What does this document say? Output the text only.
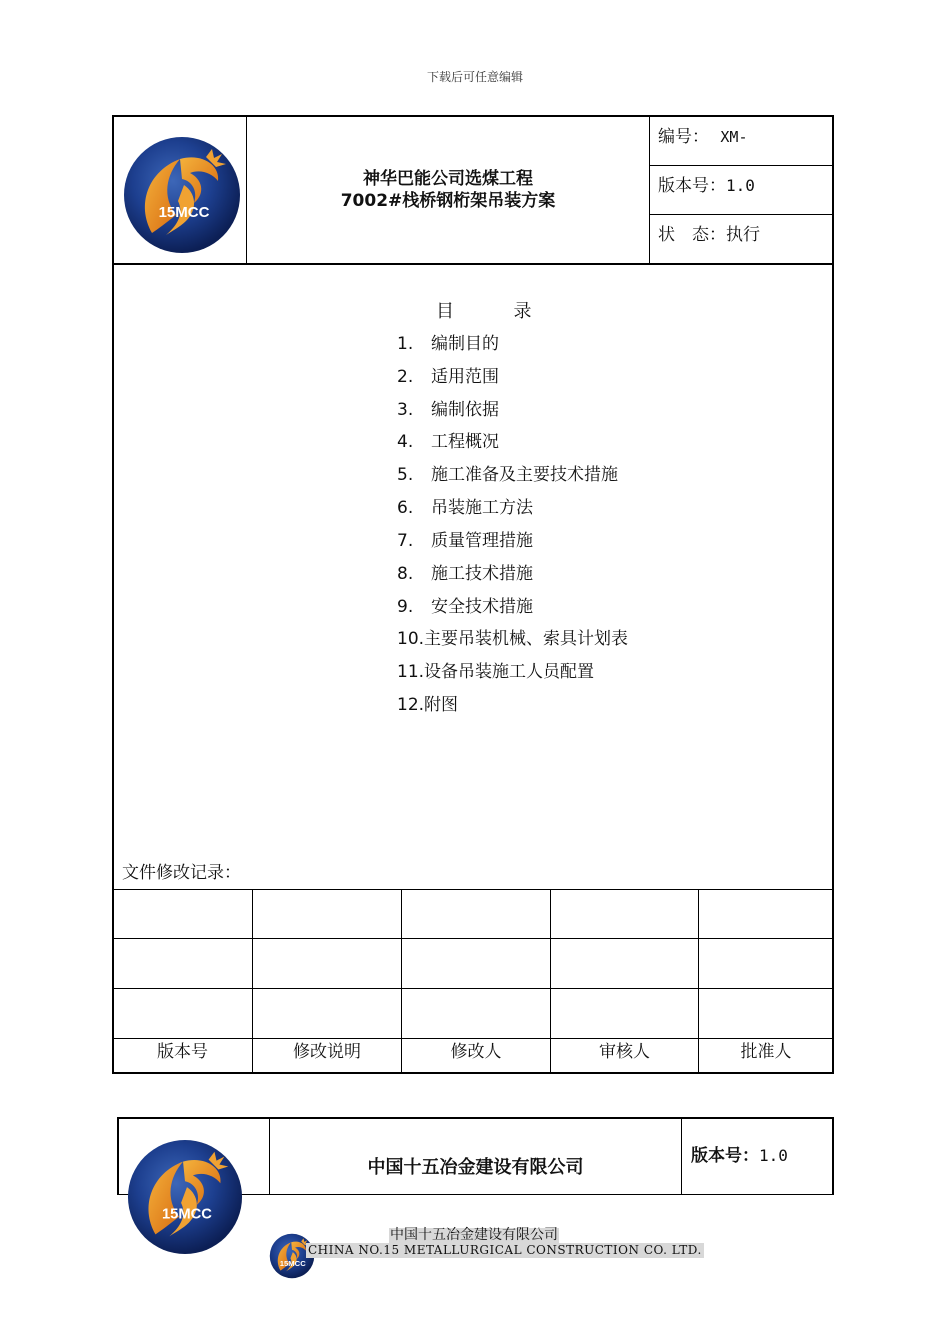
下载后可任意编辑
15MCC
神华巴能公司选煤工程
7002#栈桥钢桁架吊装方案
编号： XM-
版本号：1.0
状　态：执行
目	录
1. 编制目的
2. 适用范围
3. 编制依据
4. 工程概况
5. 施工准备及主要技术措施
6. 吊装施工方法
7. 质量管理措施
8. 施工技术措施
9. 安全技术措施
10.主要吊装机械、索具计划表
11.设备吊装施工人员配置
12.附图
文件修改记录：
版本号	修改说明	修改人	审核人	批准人
中国十五冶金建设有限公司
版本号：1.0
15MCC
15MCC
中国十五冶金建设有限公司
CHINA NO.15 METALLURGICAL CONSTRUCTION CO. LTD.
